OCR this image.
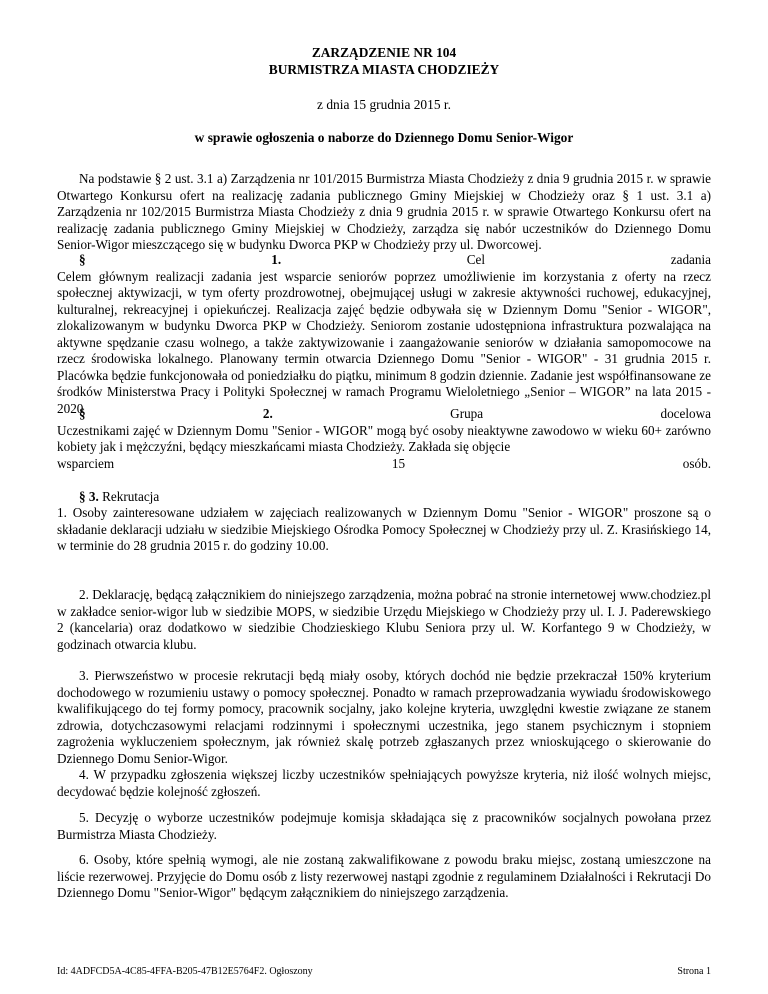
ZARZĄDZENIE NR 104
BURMISTRZA MIASTA CHODZIEŻY
z dnia 15 grudnia 2015 r.
w sprawie ogłoszenia o naborze do Dziennego Domu Senior-Wigor
Na podstawie § 2 ust. 3.1 a) Zarządzenia nr 101/2015 Burmistrza Miasta Chodzieży z dnia 9 grudnia 2015 r. w sprawie Otwartego Konkursu ofert na realizację zadania publicznego Gminy Miejskiej w Chodzieży oraz § 1 ust. 3.1 a) Zarządzenia nr 102/2015 Burmistrza Miasta Chodzieży z dnia 9 grudnia 2015 r. w sprawie Otwartego Konkursu ofert na realizację zadania publicznego Gminy Miejskiej w Chodzieży, zarządza się nabór uczestników do Dziennego Domu Senior-Wigor mieszczącego się w budynku Dworca PKP w Chodzieży przy ul. Dworcowej.
§ 1.	Cel	zadania

Celem głównym realizacji zadania jest wsparcie seniorów poprzez umożliwienie im korzystania z oferty na rzecz społecznej aktywizacji, w tym oferty prozdrowotnej, obejmującej usługi w zakresie aktywności ruchowej, edukacyjnej, kulturalnej, rekreacyjnej i opiekuńczej. Realizacja zajęć będzie odbywała się w Dziennym Domu "Senior - WIGOR", zlokalizowanym w budynku Dworca PKP w Chodzieży. Seniorom zostanie udostępniona infrastruktura pozwalająca na aktywne spędzanie czasu wolnego, a także zaktywizowanie i zaangażowanie seniorów w działania samopomocowe na rzecz środowiska lokalnego. Planowany termin otwarcia Dziennego Domu "Senior - WIGOR" - 31 grudnia 2015 r. Placówka będzie funkcjonowała od poniedziałku do piątku, minimum 8 godzin dziennie. Zadanie jest współfinansowane ze środków Ministerstwa Pracy i Polityki Społecznej w ramach Programu Wieloletniego „Senior – WIGOR” na lata 2015 - 2020

§ 2.	Grupa	docelowa

Uczestnikami zajęć w Dziennym Domu "Senior - WIGOR" mogą być osoby nieaktywne zawodowo w wieku 60+ zarówno kobiety jak i mężczyźni, będący mieszkańcami miasta Chodzieży. Zakłada się objęcie

wsparciem	15	osób.
§ 3. Rekrutacja
1. Osoby zainteresowane udziałem w zajęciach realizowanych w Dziennym Domu "Senior - WIGOR" proszone są o składanie deklaracji udziału w siedzibie Miejskiego Ośrodka Pomocy Społecznej w Chodzieży przy ul. Z. Krasińskiego 14, w terminie do 28 grudnia 2015 r. do godziny 10.00.
2. Deklarację, będącą załącznikiem do niniejszego zarządzenia, można pobrać na stronie internetowej www.chodziez.pl w zakładce senior-wigor lub w siedzibie MOPS, w siedzibie Urzędu Miejskiego w Chodzieży przy ul. I. J. Paderewskiego 2 (kancelaria) oraz dodatkowo w siedzibie Chodzieskiego Klubu Seniora przy ul. W. Korfantego 9 w Chodzieży, w godzinach otwarcia klubu.
3. Pierwszeństwo w procesie rekrutacji będą miały osoby, których dochód nie będzie przekraczał 150% kryterium dochodowego w rozumieniu ustawy o pomocy społecznej. Ponadto w ramach przeprowadzania wywiadu środowiskowego kwalifikującego do tej formy pomocy, pracownik socjalny, jako kolejne kryteria, uwzględni kwestie związane ze stanem zdrowia, dotychczasowymi relacjami rodzinnymi i społecznymi uczestnika, jego stanem psychicznym i stopniem zagrożenia wykluczeniem społecznym, jak również skalę potrzeb zgłaszanych przez wnioskującego o skierowanie do Dziennego Domu Senior-Wigor.
4. W przypadku zgłoszenia większej liczby uczestników spełniających powyższe kryteria, niż ilość wolnych miejsc, decydować będzie kolejność zgłoszeń.
5. Decyzję o wyborze uczestników podejmuje komisja składająca się z pracowników socjalnych powołana przez Burmistrza Miasta Chodzieży.
6. Osoby, które spełnią wymogi, ale nie zostaną zakwalifikowane z powodu braku miejsc, zostaną umieszczone na liście rezerwowej. Przyjęcie do Domu osób z listy rezerwowej nastąpi zgodnie z regulaminem Działalności i Rekrutacji Do Dziennego Domu "Senior-Wigor" będącym załącznikiem do niniejszego zarządzenia.
Id: 4ADFCD5A-4C85-4FFA-B205-47B12E5764F2. Ogłoszony	Strona 1
